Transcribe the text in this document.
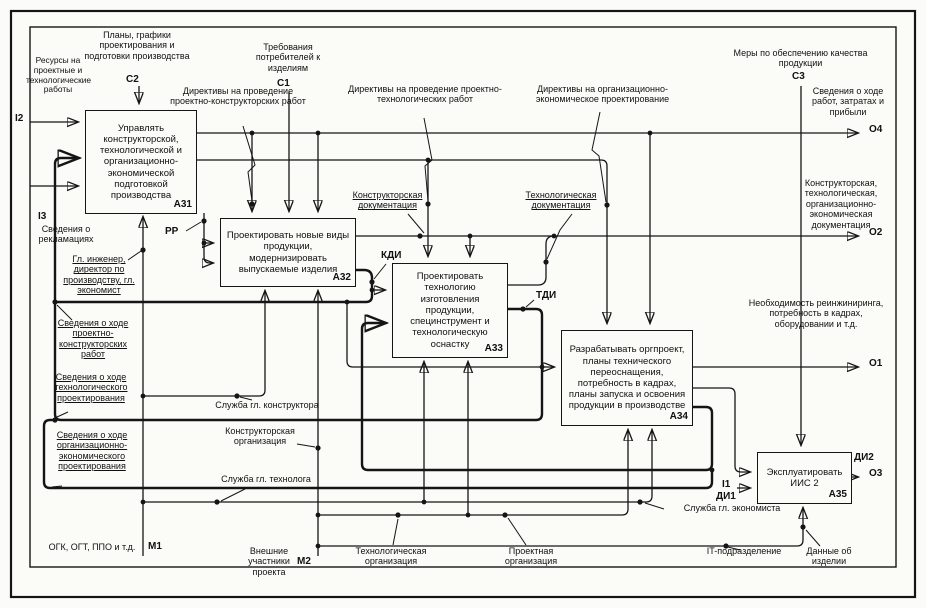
Управлять конструкторской, технологической и организационно-экономической подготовкой производства
А31
Проектировать новые виды продукции, модернизировать выпускаемые изделия
А32	Проектировать технологию изготовления продукции, специнструмент и технологическую оснастку	А33	Разрабатывать оргпроект, планы технического переоснащения, потребность в кадрах, планы запуска и освоения продукции в производстве
А34
Эксплуатировать ИИС 2
А35
Планы, графики проектирования и подготовки производства
Требования потребителей к изделиям
Меры по обеспечению качества продукции
Директивы на проведение проектно-конструкторских работ
Директивы на проведение проектно-технологических работ
Директивы на организационно-экономическое проектирование
Ресурсы на проектные и технологические работы
Сведения о рекламациях
Гл. инженер, директор по производству, гл. экономист
Сведения о ходе проектно-конструкторских работ
Сведения о ходе технологического проектирования
Сведения о ходе организационно-экономического проектирования
Конструкторская документация
Технологическая документация
Сведения о ходе работ, затратах и прибыли
Конструкторская, технологическая, организационно-экономическая документация
Необходимость реинжиниринга, потребность в кадрах, оборудовании и т.д.
Служба гл. конструктора
Конструкторская организация
Служба гл. технолога
Служба гл. экономиста
ОГК, ОГТ, ППО и т.д.	Внешние участники проекта
Технологическая организация
Проектная организация
IT-подразделение	Данные об изделии
C2	C1
C3
I2
I3
I1
ДИ1
ДИ2
M1
M2
O4
O2
O1
O3
РР
КДИ
ТДИ
